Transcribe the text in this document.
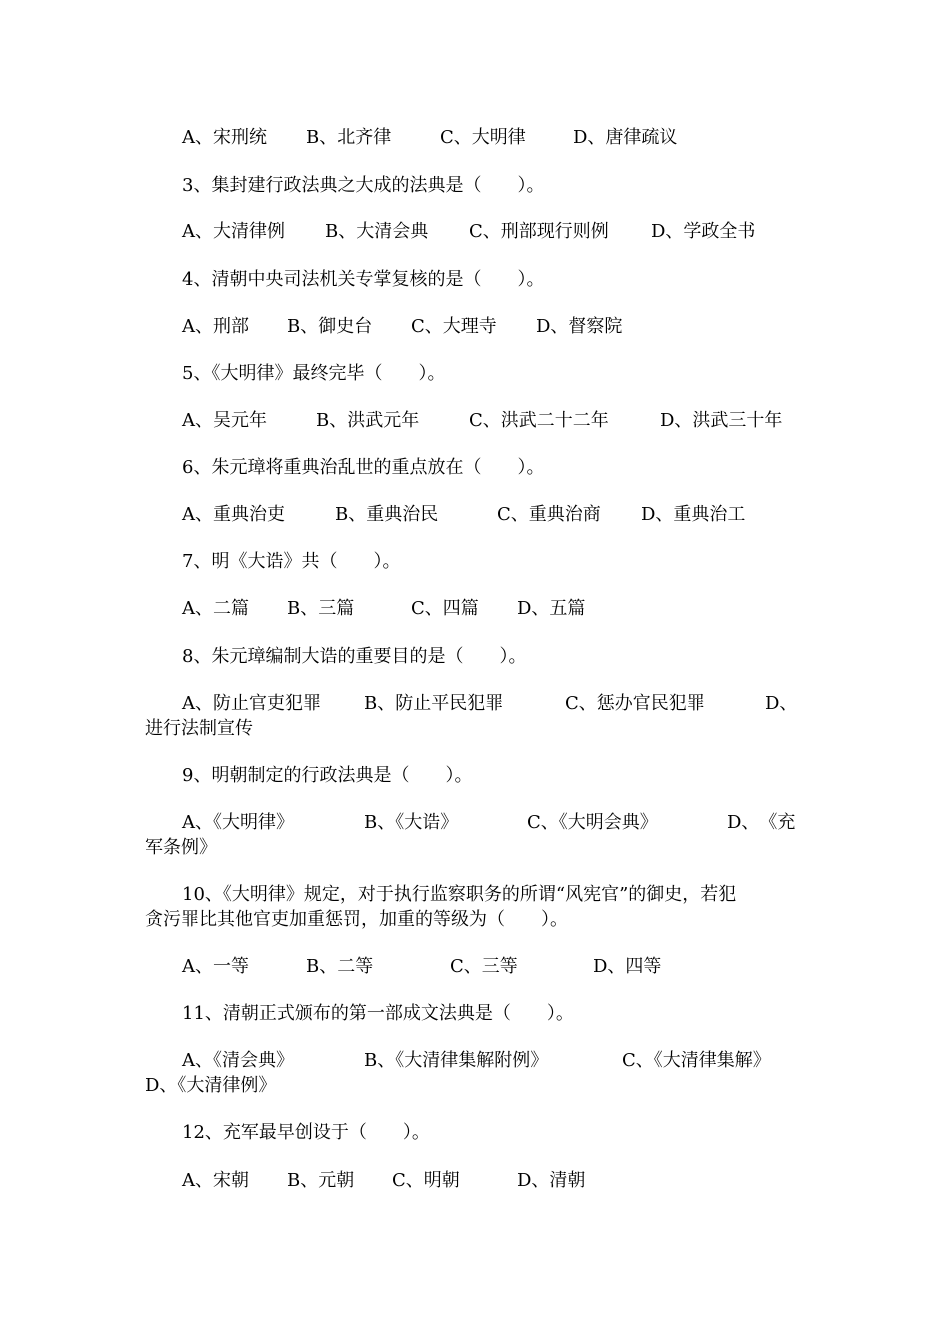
A、宋刑统 B、北齐律	C、大明律	D、唐律疏议
3、集封建行政法典之大成的法典是（　　）。
A、大清律例 B、大清会典 C、刑部现行则例 D、学政全书
4、清朝中央司法机关专掌复核的是（　　）。
A、刑部 B、御史台 C、大理寺 D、督察院
5、《大明律》最终完毕（　　）。
A、吴元年	B、洪武元年	C、洪武二十二年	D、洪武三十年
6、朱元璋将重典治乱世的重点放在（　　）。
A、重典治吏	B、重典治民	C、重典治商 D、重典治工
7、明《大诰》共（　　）。
A、二篇 B、三篇	C、四篇 D、五篇
8、朱元璋编制大诰的重要目的是（　　）。
A、防止官吏犯罪 B、防止平民犯罪	C、惩办官民犯罪	D、
进行法制宣传
9、明朝制定的行政法典是（　　）。
A、《大明律》	B、《大诰》	C、《大明会典》	D、　《充
军条例》
10、《大明律》规定，对于执行监察职务的所谓“风宪官”的御史，若犯
贪污罪比其他官吏加重惩罚，加重的等级为（　　）。
A、一等	B、二等	C、三等	D、四等
11、清朝正式颁布的第一部成文法典是（　　）。
A、《清会典》	B、《大清律集解附例》	C、《大清律集解》
D、《大清律例》
12、充军最早创设于（　　）。
A、宋朝 B、元朝 C、明朝	D、清朝
